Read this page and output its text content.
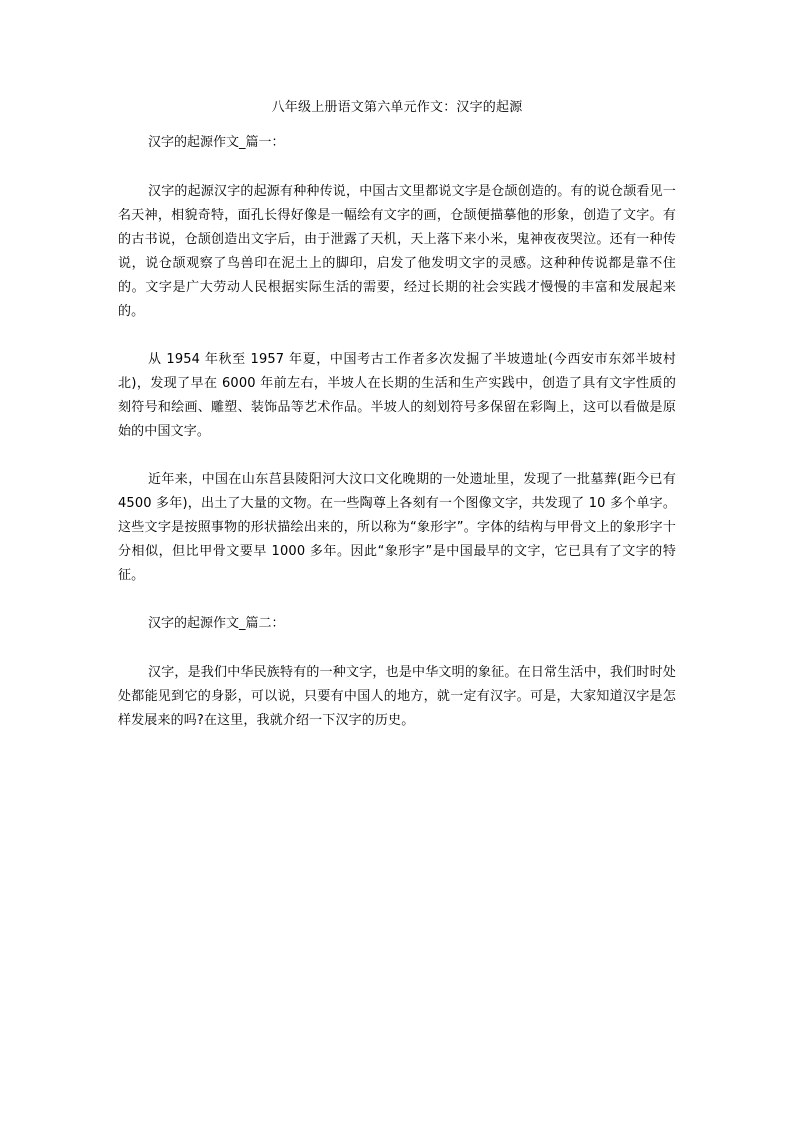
八年级上册语文第六单元作文：汉字的起源

汉字的起源作文_篇一：

汉字的起源汉字的起源有种种传说，中国古文里都说文字是仓颉创造的。有的说仓颉看见一名天神，相貌奇特，面孔长得好像是一幅绘有文字的画，仓颉便描摹他的形象，创造了文字。有的古书说，仓颉创造出文字后，由于泄露了天机，天上落下来小米，鬼神夜夜哭泣。还有一种传说，说仓颉观察了鸟兽印在泥土上的脚印，启发了他发明文字的灵感。这种种传说都是靠不住的。文字是广大劳动人民根据实际生活的需要，经过长期的社会实践才慢慢的丰富和发展起来的。

从 1954 年秋至 1957 年夏，中国考古工作者多次发掘了半坡遗址(今西安市东郊半坡村北)，发现了早在 6000 年前左右，半坡人在长期的生活和生产实践中，创造了具有文字性质的刻符号和绘画、雕塑、装饰品等艺术作品。半坡人的刻划符号多保留在彩陶上，这可以看做是原始的中国文字。

近年来，中国在山东莒县陵阳河大汶口文化晚期的一处遗址里，发现了一批墓葬(距今已有 4500 多年)，出土了大量的文物。在一些陶尊上各刻有一个图像文字，共发现了 10 多个单字。这些文字是按照事物的形状描绘出来的，所以称为“象形字”。字体的结构与甲骨文上的象形字十分相似，但比甲骨文要早 1000 多年。因此“象形字”是中国最早的文字，它已具有了文字的特征。

汉字的起源作文_篇二：

汉字，是我们中华民族特有的一种文字，也是中华文明的象征。在日常生活中，我们时时处处都能见到它的身影，可以说，只要有中国人的地方，就一定有汉字。可是，大家知道汉字是怎样发展来的吗?在这里，我就介绍一下汉字的历史。
